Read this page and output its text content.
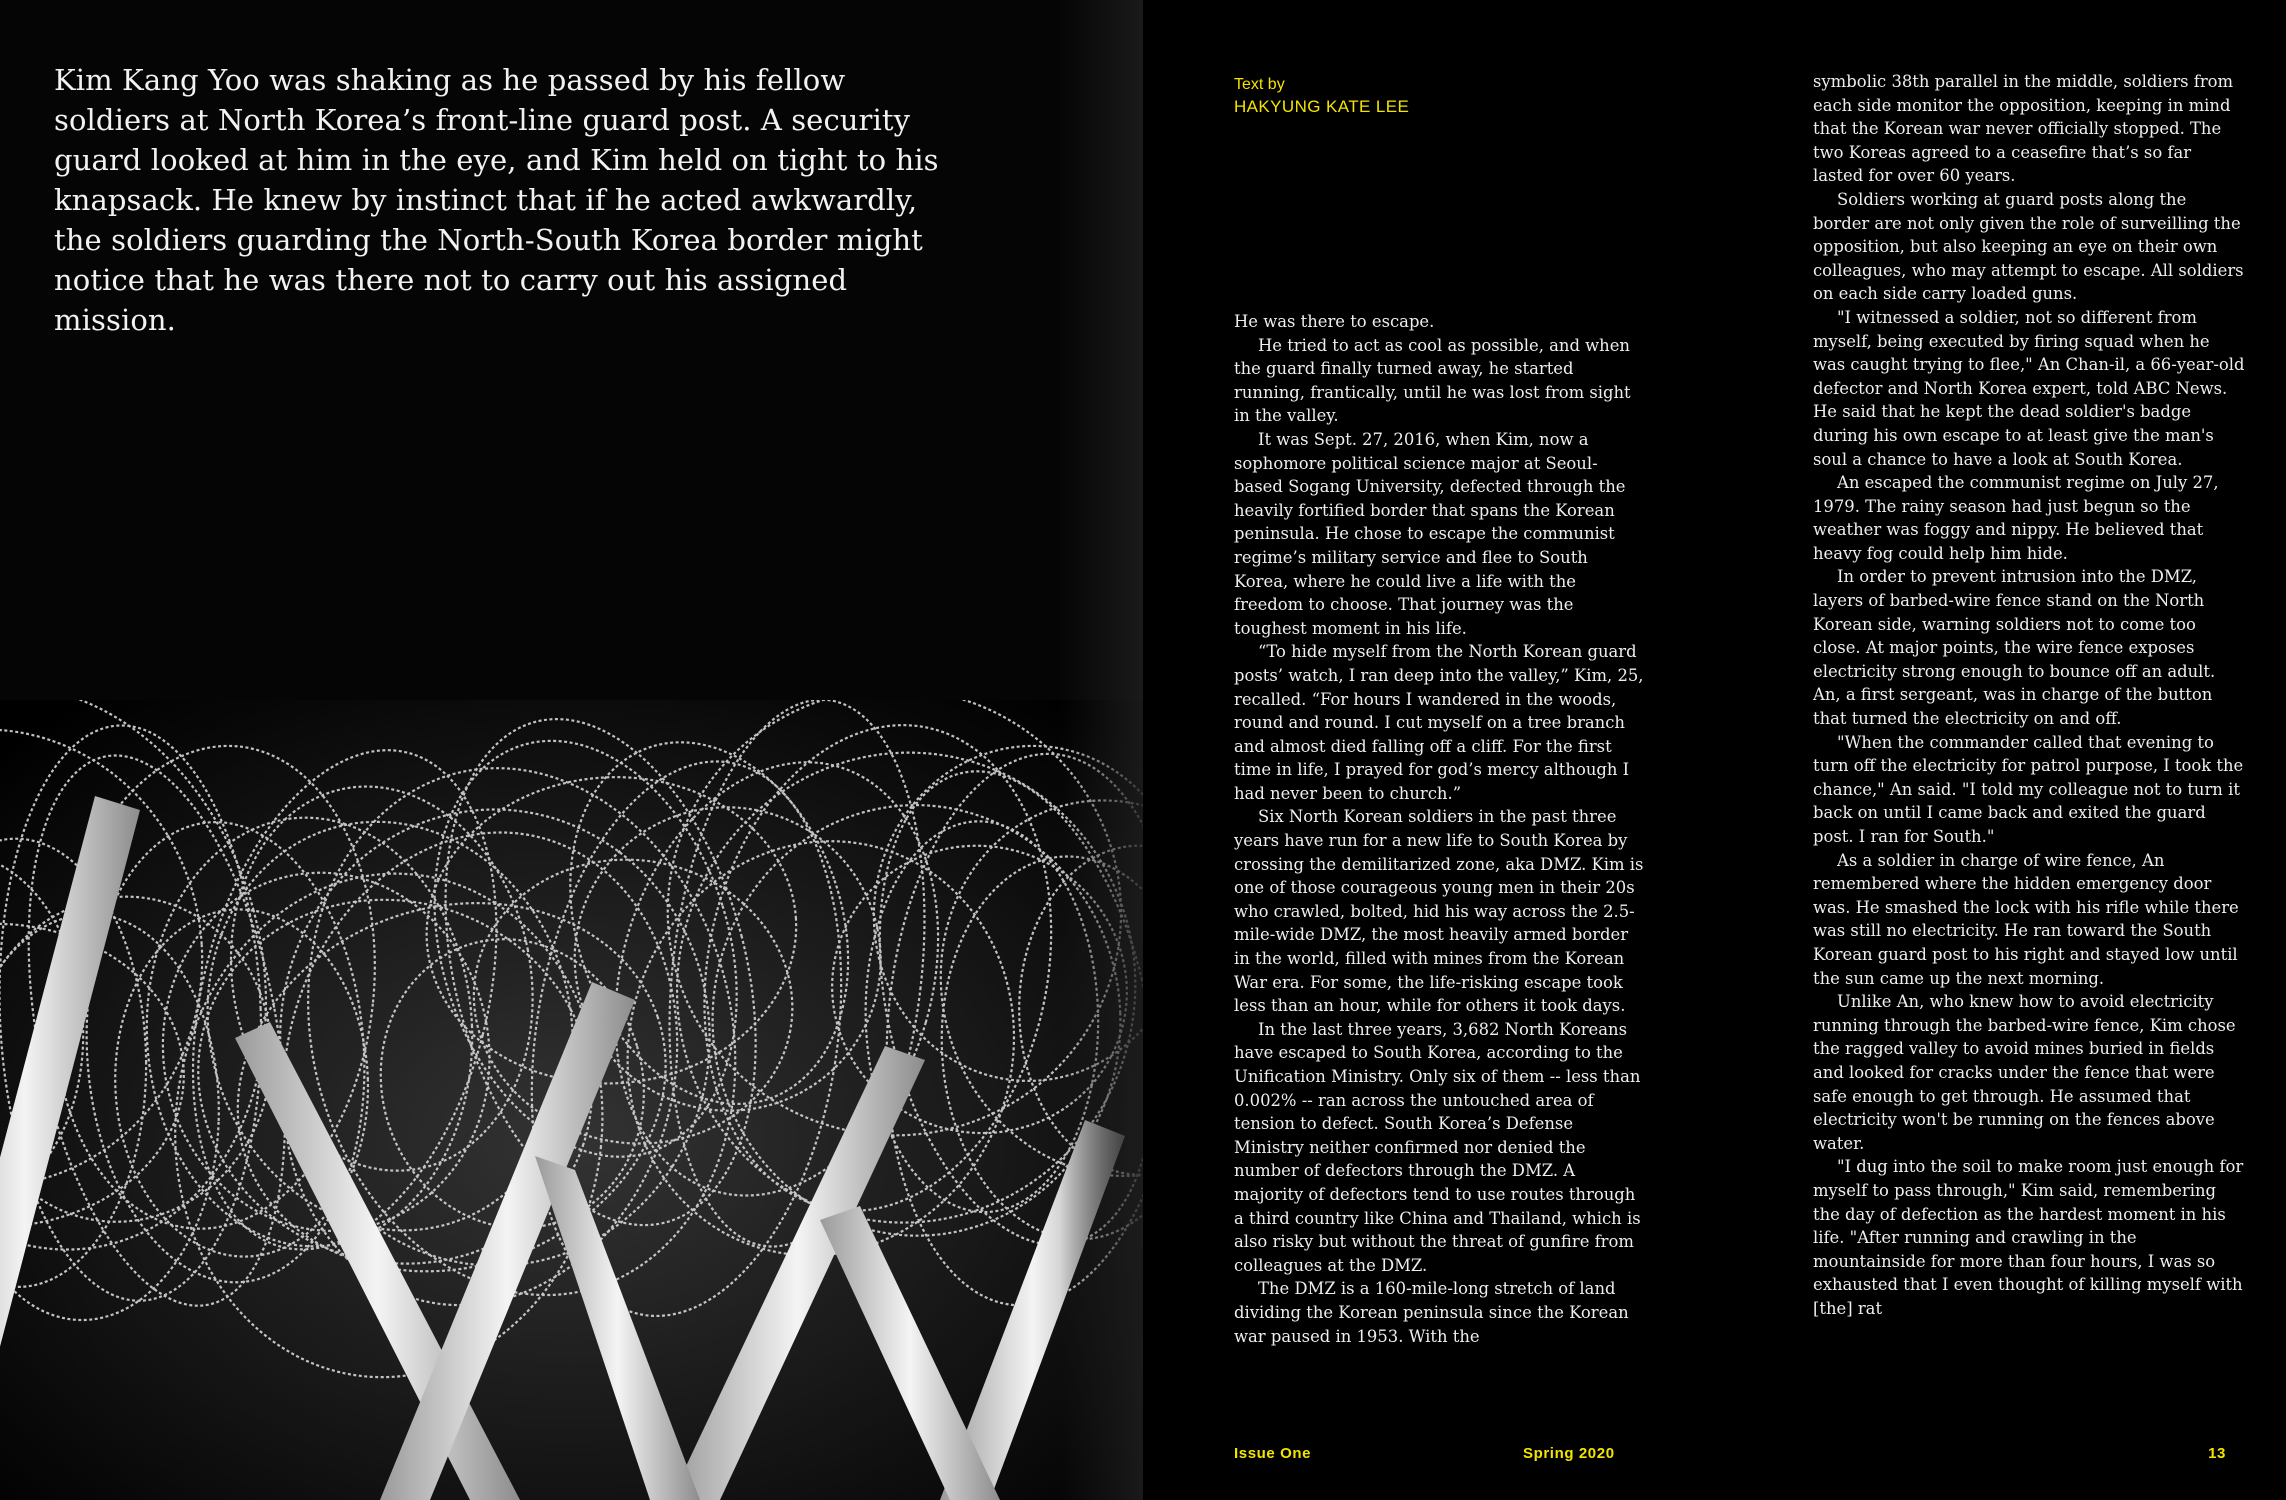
Kim Kang Yoo was shaking as he passed by his fellow soldiers at North Korea’s front-line guard post. A security guard looked at him in the eye, and Kim held on tight to his knapsack. He knew by instinct that if he acted awkwardly, the soldiers guarding the North-South Korea border might notice that he was there not to carry out his assigned mission.
Text by
HAKYUNG KATE LEE

He was there to escape.

He tried to act as cool as possible, and when the guard finally turned away, he started running, frantically, until he was lost from sight in the valley.

It was Sept. 27, 2016, when Kim, now a sophomore political science major at Seoul-based Sogang University, defected through the heavily fortified border that spans the Korean peninsula. He chose to escape the communist regime’s military service and flee to South Korea, where he could live a life with the freedom to choose. That journey was the toughest moment in his life.

“To hide myself from the North Korean guard posts’ watch, I ran deep into the valley,” Kim, 25, recalled. “For hours I wandered in the woods, round and round. I cut myself on a tree branch and almost died falling off a cliff. For the first time in life, I prayed for god’s mercy although I had never been to church.”

Six North Korean soldiers in the past three years have run for a new life to South Korea by crossing the demilitarized zone, aka DMZ. Kim is one of those courageous young men in their 20s who crawled, bolted, hid his way across the 2.5-mile-wide DMZ, the most heavily armed border in the world, filled with mines from the Korean War era. For some, the life-risking escape took less than an hour, while for others it took days.

In the last three years, 3,682 North Koreans have escaped to South Korea, according to the Unification Ministry. Only six of them -- less than 0.002% -- ran across the untouched area of tension to defect. South Korea’s Defense Ministry neither confirmed nor denied the number of defectors through the DMZ. A majority of defectors tend to use routes through a third country like China and Thailand, which is also risky but without the threat of gunfire from colleagues at the DMZ.

The DMZ is a 160-mile-long stretch of land dividing the Korean peninsula since the Korean war paused in 1953. With the

symbolic 38th parallel in the middle, soldiers from each side monitor the opposition, keeping in mind that the Korean war never officially stopped. The two Koreas agreed to a ceasefire that’s so far lasted for over 60 years.

Soldiers working at guard posts along the border are not only given the role of surveilling the opposition, but also keeping an eye on their own colleagues, who may attempt to escape. All soldiers on each side carry loaded guns.

"I witnessed a soldier, not so different from myself, being executed by firing squad when he was caught trying to flee," An Chan-il, a 66-year-old defector and North Korea expert, told ABC News. He said that he kept the dead soldier's badge during his own escape to at least give the man's soul a chance to have a look at South Korea.

An escaped the communist regime on July 27, 1979. The rainy season had just begun so the weather was foggy and nippy. He believed that heavy fog could help him hide.

In order to prevent intrusion into the DMZ, layers of barbed-wire fence stand on the North Korean side, warning soldiers not to come too close. At major points, the wire fence exposes electricity strong enough to bounce off an adult. An, a first sergeant, was in charge of the button that turned the electricity on and off.

"When the commander called that evening to turn off the electricity for patrol purpose, I took the chance," An said. "I told my colleague not to turn it back on until I came back and exited the guard post. I ran for South."

As a soldier in charge of wire fence, An remembered where the hidden emergency door was. He smashed the lock with his rifle while there was still no electricity. He ran toward the South Korean guard post to his right and stayed low until the sun came up the next morning.

Unlike An, who knew how to avoid electricity running through the barbed-wire fence, Kim chose the ragged valley to avoid mines buried in fields and looked for cracks under the fence that were safe enough to get through. He assumed that electricity won't be running on the fences above water.

"I dug into the soil to make room just enough for myself to pass through," Kim said, remembering the day of defection as the hardest moment in his life. "After running and crawling in the mountainside for more than four hours, I was so exhausted that I even thought of killing myself with [the] rat

Issue One	Spring 2020	13
